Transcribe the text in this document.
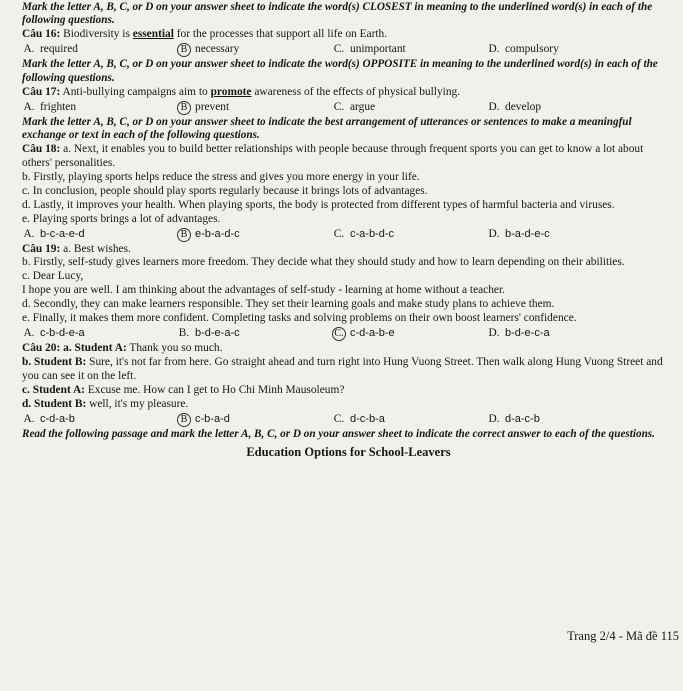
Mark the letter A, B, C, or D on your answer sheet to indicate the word(s) CLOSEST in meaning to the underlined word(s) in each of the following questions.

Câu 16: Biodiversity is essential for the processes that support all life on Earth.

A. required	B necessary	C. unimportant	D. compulsory

Mark the letter A, B, C, or D on your answer sheet to indicate the word(s) OPPOSITE in meaning to the underlined word(s) in each of the following questions.

Câu 17: Anti-bullying campaigns aim to promote awareness of the effects of physical bullying.

A. frighten	B prevent	C. argue	D. develop

Mark the letter A, B, C, or D on your answer sheet to indicate the best arrangement of utterances or sentences to make a meaningful exchange or text in each of the following questions.

Câu 18: a. Next, it enables you to build better relationships with people because through frequent sports you can get to know a lot about others' personalities.

b. Firstly, playing sports helps reduce the stress and gives you more energy in your life.

c. In conclusion, people should play sports regularly because it brings lots of advantages.

d. Lastly, it improves your health. When playing sports, the body is protected from different types of harmful bacteria and viruses.

e. Playing sports brings a lot of advantages.

A. b-c-a-e-d	B e-b-a-d-c	C. c-a-b-d-c	D. b-a-d-e-c

Câu 19: a. Best wishes.

b. Firstly, self-study gives learners more freedom. They decide what they should study and how to learn depending on their abilities.

c. Dear Lucy,

I hope you are well. I am thinking about the advantages of self-study - learning at home without a teacher.

d. Secondly, they can make learners responsible. They set their learning goals and make study plans to achieve them.

e. Finally, it makes them more confident. Completing tasks and solving problems on their own boost learners' confidence.

A. c-b-d-e-a	B. b-d-e-a-c	C. c-d-a-b-e	D. b-d-e-c-a

Câu 20: a. Student A: Thank you so much.

b. Student B: Sure, it's not far from here. Go straight ahead and turn right into Hung Vuong Street. Then walk along Hung Vuong Street and you can see it on the left.

c. Student A: Excuse me. How can I get to Ho Chi Minh Mausoleum?

d. Student B: well, it's my pleasure.

A. c-d-a-b	B c-b-a-d	C. d-c-b-a	D. d-a-c-b

Read the following passage and mark the letter A, B, C, or D on your answer sheet to indicate the correct answer to each of the questions.

Education Options for School-Leavers

Trang 2/4 - Mã đề 115
